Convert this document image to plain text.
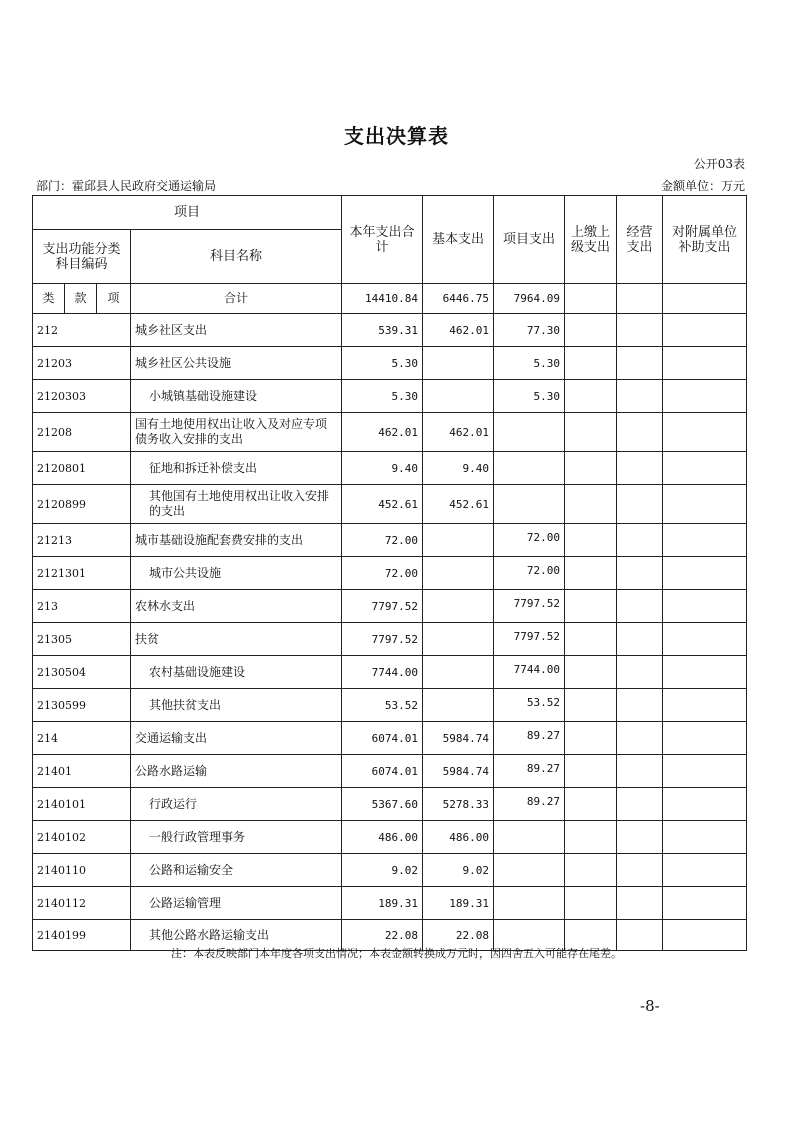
支出决算表
公开03表
部门：霍邱县人民政府交通运输局	金额单位：万元
项目				本年支出合计	基本支出	项目支出	上缴上级支出	经营支出	对附属单位补助支出
支出功能分类科目编码			科目名称						
类	款	项	合计	14410.84	6446.75	7964.09			
212			城乡社区支出	539.31	462.01	77.30			
21203			城乡社区公共设施	5.30		5.30			
2120303			小城镇基础设施建设	5.30		5.30			
21208			国有土地使用权出让收入及对应专项债务收入安排的支出	462.01	462.01				
2120801			征地和拆迁补偿支出	9.40	9.40				
2120899			其他国有土地使用权出让收入安排的支出	452.61	452.61				
21213			城市基础设施配套费安排的支出	72.00		72.00			
2121301			城市公共设施	72.00		72.00			
213			农林水支出	7797.52		7797.52			
21305			扶贫	7797.52		7797.52			
2130504			农村基础设施建设	7744.00		7744.00			
2130599			其他扶贫支出	53.52		53.52			
214			交通运输支出	6074.01	5984.74	89.27			
21401			公路水路运输	6074.01	5984.74	89.27			
2140101			行政运行	5367.60	5278.33	89.27			
2140102			一般行政管理事务	486.00	486.00				
2140110			公路和运输安全	9.02	9.02				
2140112			公路运输管理	189.31	189.31				
2140199			其他公路水路运输支出	22.08	22.08				
注：本表反映部门本年度各项支出情况；本表金额转换成万元时，因四舍五入可能存在尾差。
-8-
